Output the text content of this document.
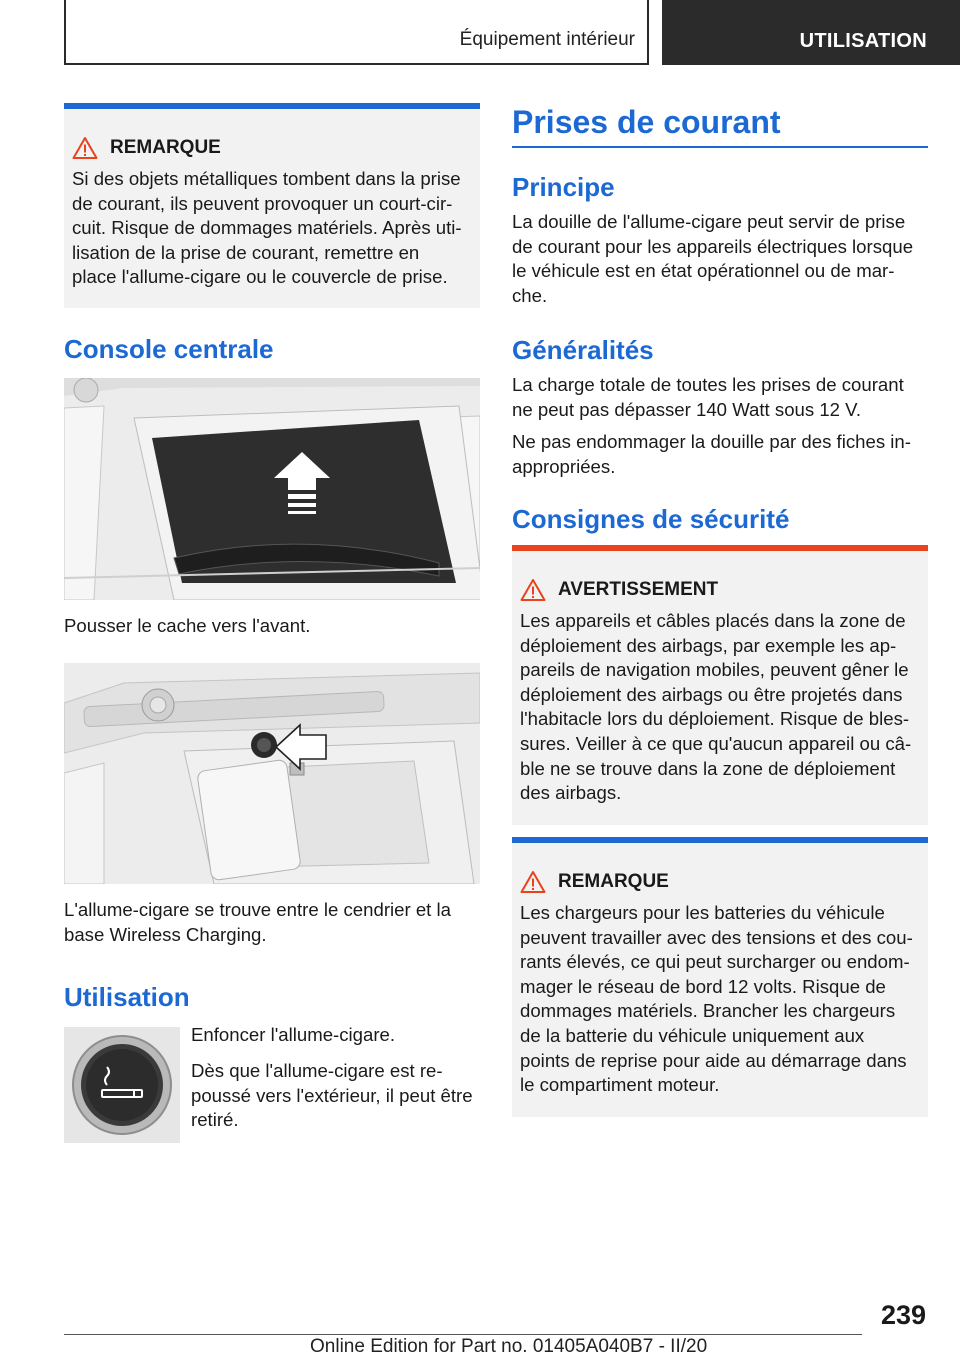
Équipement intérieur	UTILISATION
REMARQUE

Si des objets métalliques tombent dans la prise
de courant, ils peuvent provoquer un court-cir-
cuit. Risque de dommages matériels. Après uti-
lisation de la prise de courant, remettre en
place l'allume-cigare ou le couvercle de prise.

Console centrale

Pousser le cache vers l'avant.

L'allume-cigare se trouve entre le cendrier et la
base Wireless Charging.

Utilisation

Enfoncer l'allume-cigare.

Dès que l'allume-cigare est re-
poussé vers l'extérieur, il peut être
retiré.

Prises de courant
Principe

La douille de l'allume-cigare peut servir de prise
de courant pour les appareils électriques lorsque
le véhicule est en état opérationnel ou de mar-
che.

Généralités

La charge totale de toutes les prises de courant
ne peut pas dépasser 140 Watt sous 12 V.

Ne pas endommager la douille par des fiches in-
appropriées.

Consignes de sécurité
AVERTISSEMENT

Les appareils et câbles placés dans la zone de
déploiement des airbags, par exemple les ap-
pareils de navigation mobiles, peuvent gêner le
déploiement des airbags ou être projetés dans
l'habitacle lors du déploiement. Risque de bles-
sures. Veiller à ce que qu'aucun appareil ou câ-
ble ne se trouve dans la zone de déploiement
des airbags.

REMARQUE

Les chargeurs pour les batteries du véhicule
peuvent travailler avec des tensions et des cou-
rants élevés, ce qui peut surcharger ou endom-
mager le réseau de bord 12 volts. Risque de
dommages matériels. Brancher les chargeurs
de la batterie du véhicule uniquement aux
points de reprise pour aide au démarrage dans
le compartiment moteur.

239
Online Edition for Part no. 01405A040B7 - II/20
